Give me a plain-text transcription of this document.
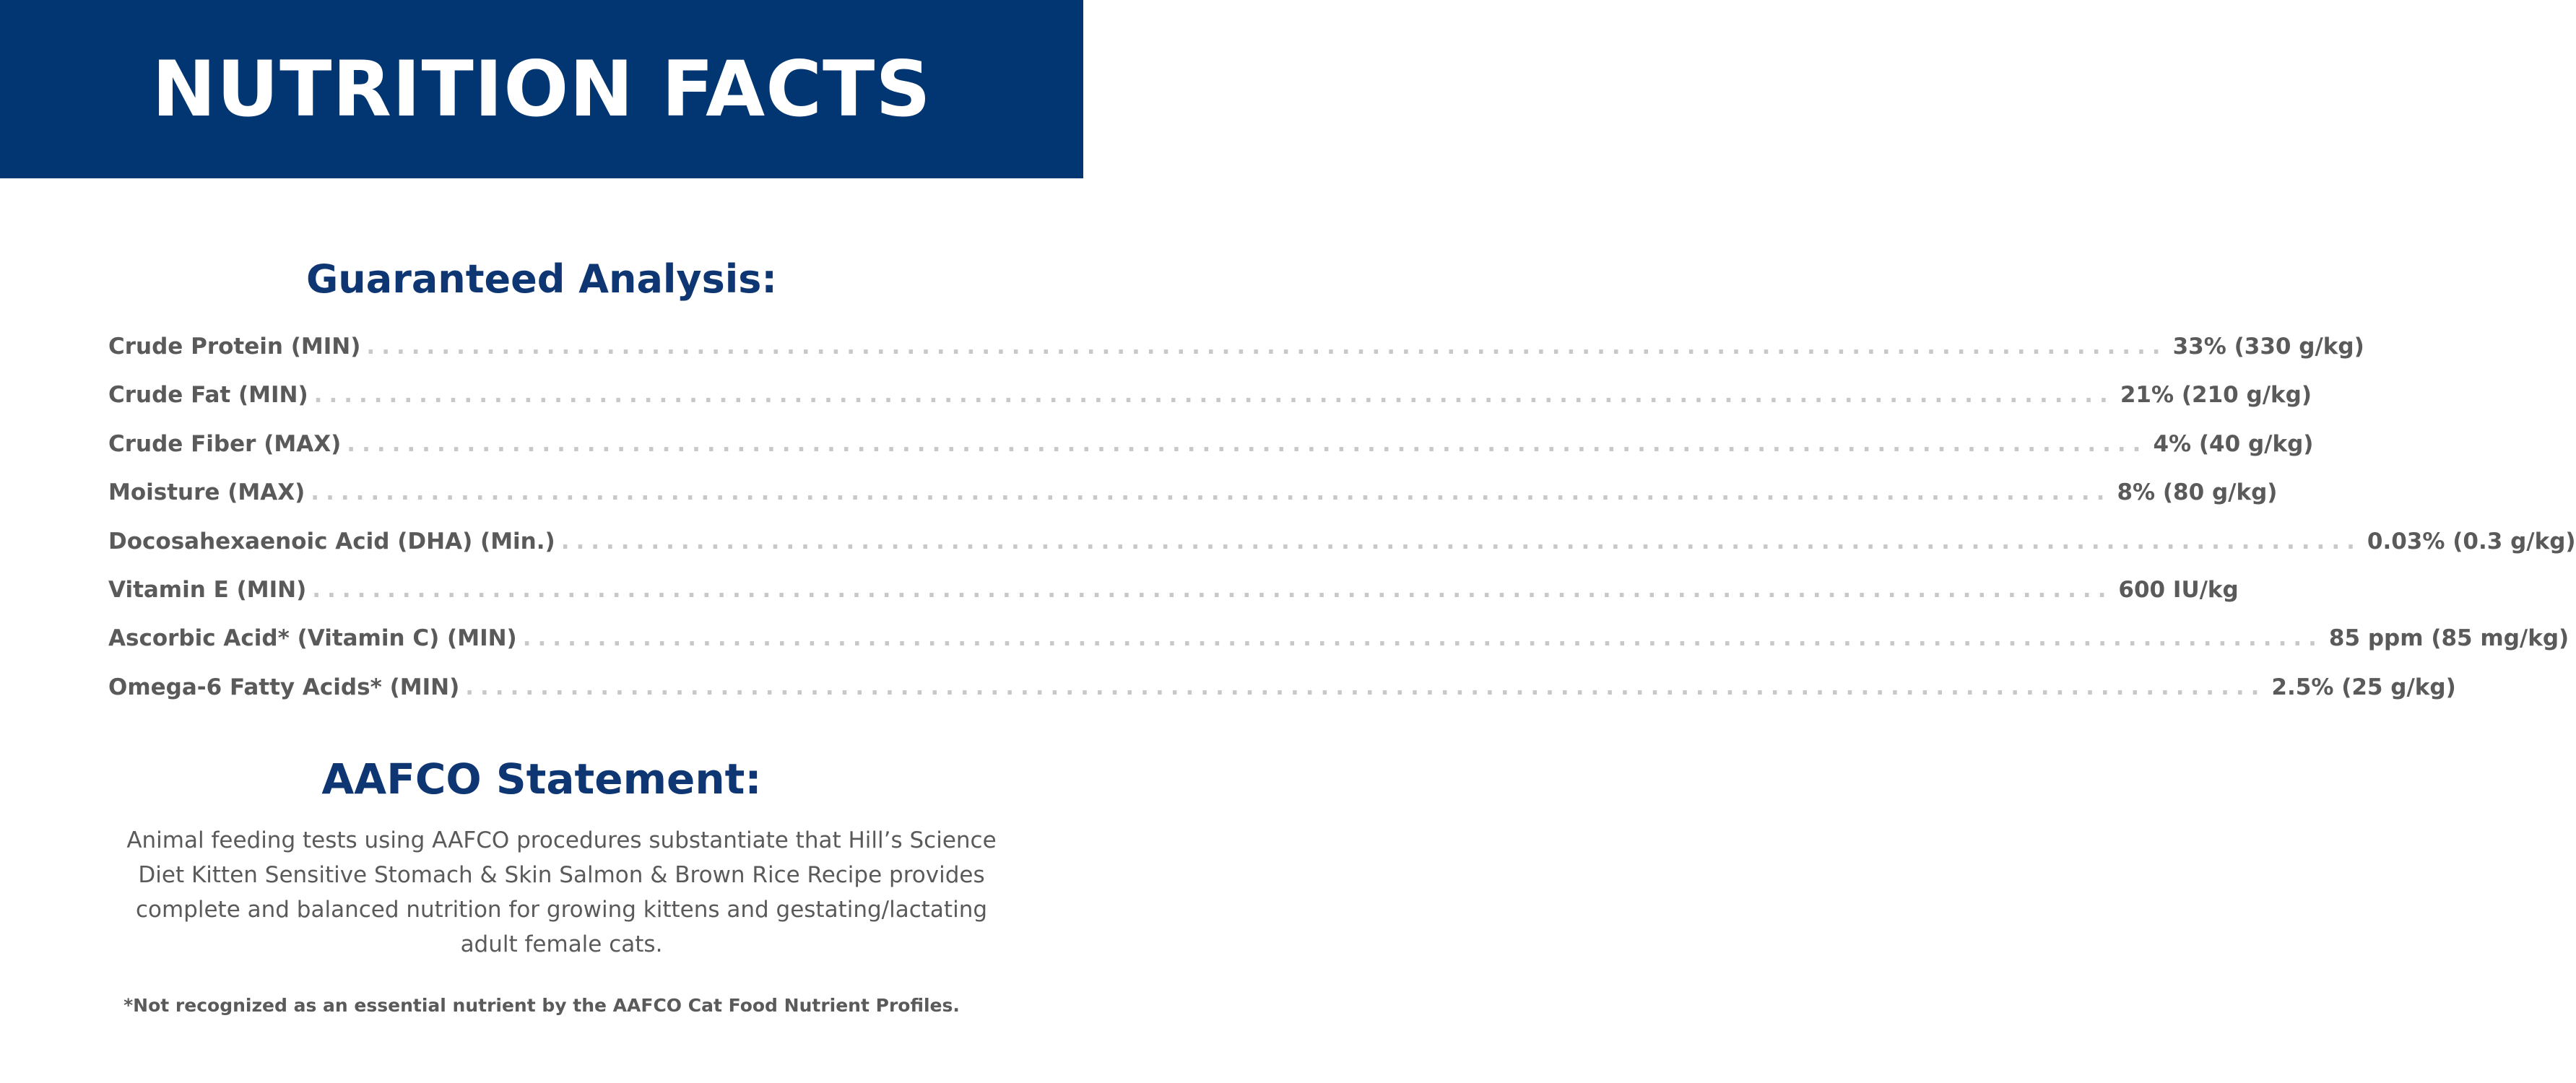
NUTRITION FACTS
Guaranteed Analysis:
Crude Protein (MIN) ........................................................................................................................ 33% (330 g/kg)
Crude Fat (MIN) ........................................................................................................................ 21% (210 g/kg)
Crude Fiber (MAX) ........................................................................................................................ 4% (40 g/kg)
Moisture (MAX) ........................................................................................................................ 8% (80 g/kg)
Docosahexaenoic Acid (DHA) (Min.) ........................................................................................................................ 0.03% (0.3 g/kg)
Vitamin E (MIN) ........................................................................................................................ 600 IU/kg
Ascorbic Acid* (Vitamin C) (MIN) ........................................................................................................................ 85 ppm (85 mg/kg)
Omega-6 Fatty Acids* (MIN) ........................................................................................................................ 2.5% (25 g/kg)
AAFCO Statement:

Animal feeding tests using AAFCO procedures substantiate that Hill’s Science Diet Kitten Sensitive Stomach & Skin Salmon & Brown Rice Recipe provides complete and balanced nutrition for growing kittens and gestating/lactating adult female cats.

*Not recognized as an essential nutrient by the AAFCO Cat Food Nutrient Profiles.
